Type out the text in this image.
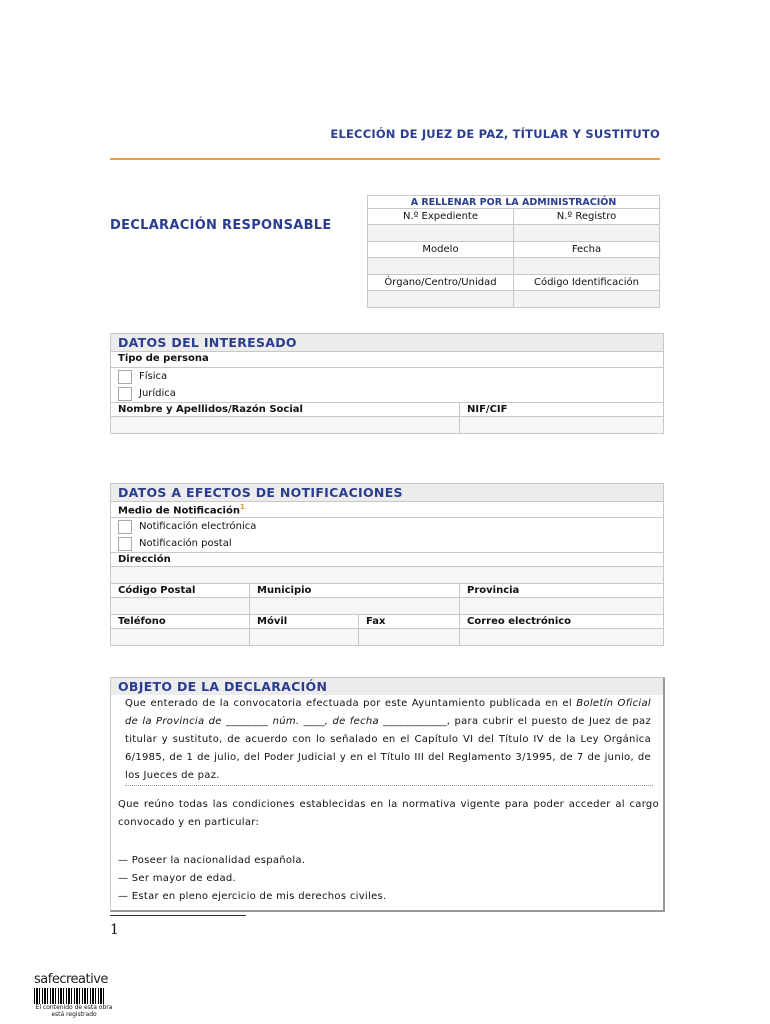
ELECCIÓN DE JUEZ DE PAZ, TÍTULAR Y SUSTITUTO
DECLARACIÓN RESPONSABLE
A RELLENAR POR LA ADMINISTRACIÓN	
N.º Expediente	N.º Registro

Modelo	Fecha

Órgano/Centro/Unidad	Código Identificación

DATOS DEL INTERESADO
Tipo de persona
Física
Jurídica
Nombre y Apellidos/Razón Social	NIF/CIF
DATOS A EFECTOS DE NOTIFICACIONES
Medio de Notificación$^1$
Notificación electrónica
Notificación postal
Dirección
Código Postal	Municipio	Provincia
Teléfono	Móvil	Fax	Correo electrónico
OBJETO DE LA DECLARACIÓN
Que enterado de la convocatoria efectuada por este Ayuntamiento publicada en el Boletín Oficial de la Provincia de ________ núm. ____, de fecha ____________, para cubrir el puesto de Juez de paz titular y sustituto, de acuerdo con lo señalado en el Capítulo VI del Título IV de la Ley Orgánica 6/1985, de 1 de julio, del Poder Judicial y en el Título III del Reglamento 3/1995, de 7 de junio, de los Jueces de paz.
Que reúno todas las condiciones establecidas en la normativa vigente para poder acceder al cargo convocado y en particular:
— Poseer la nacionalidad española.
— Ser mayor de edad.
— Estar en pleno ejercicio de mis derechos civiles.
1
safecreative
El contenido de esta obra está registrado
